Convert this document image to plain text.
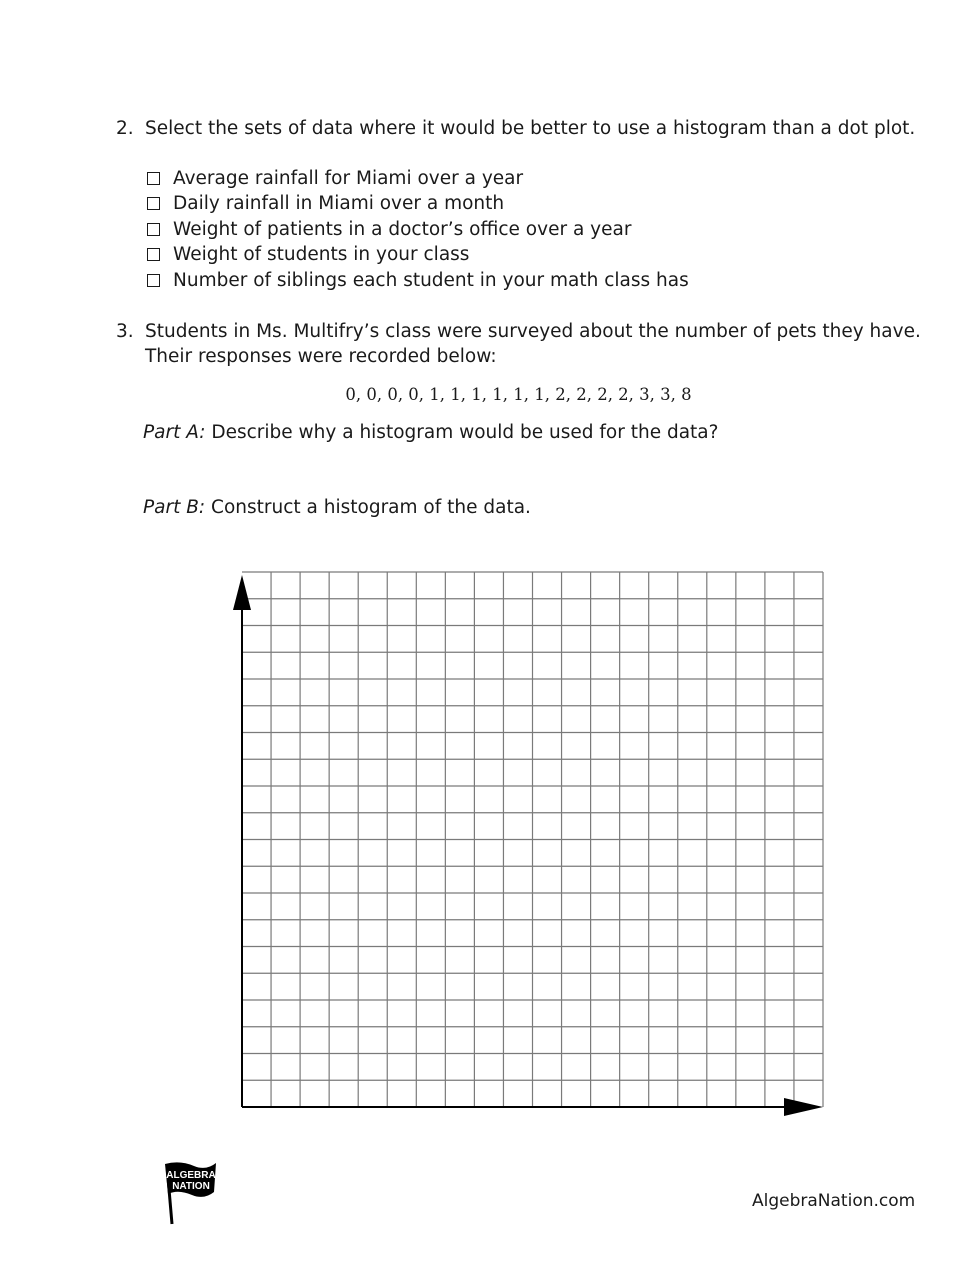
2. Select the sets of data where it would be better to use a histogram than a dot plot.
Average rainfall for Miami over a year
Daily rainfall in Miami over a month
Weight of patients in a doctor’s office over a year
Weight of students in your class
Number of siblings each student in your math class has
3. Students in Ms. Multifry’s class were surveyed about the number of pets they have.
Their responses were recorded below:
0, 0, 0, 0, 1, 1, 1, 1, 1, 1, 2, 2, 2, 2, 3, 3, 8
Part A: Describe why a histogram would be used for the data?
Part B: Construct a histogram of the data.
ALGEBRA
NATION
AlgebraNation.com
